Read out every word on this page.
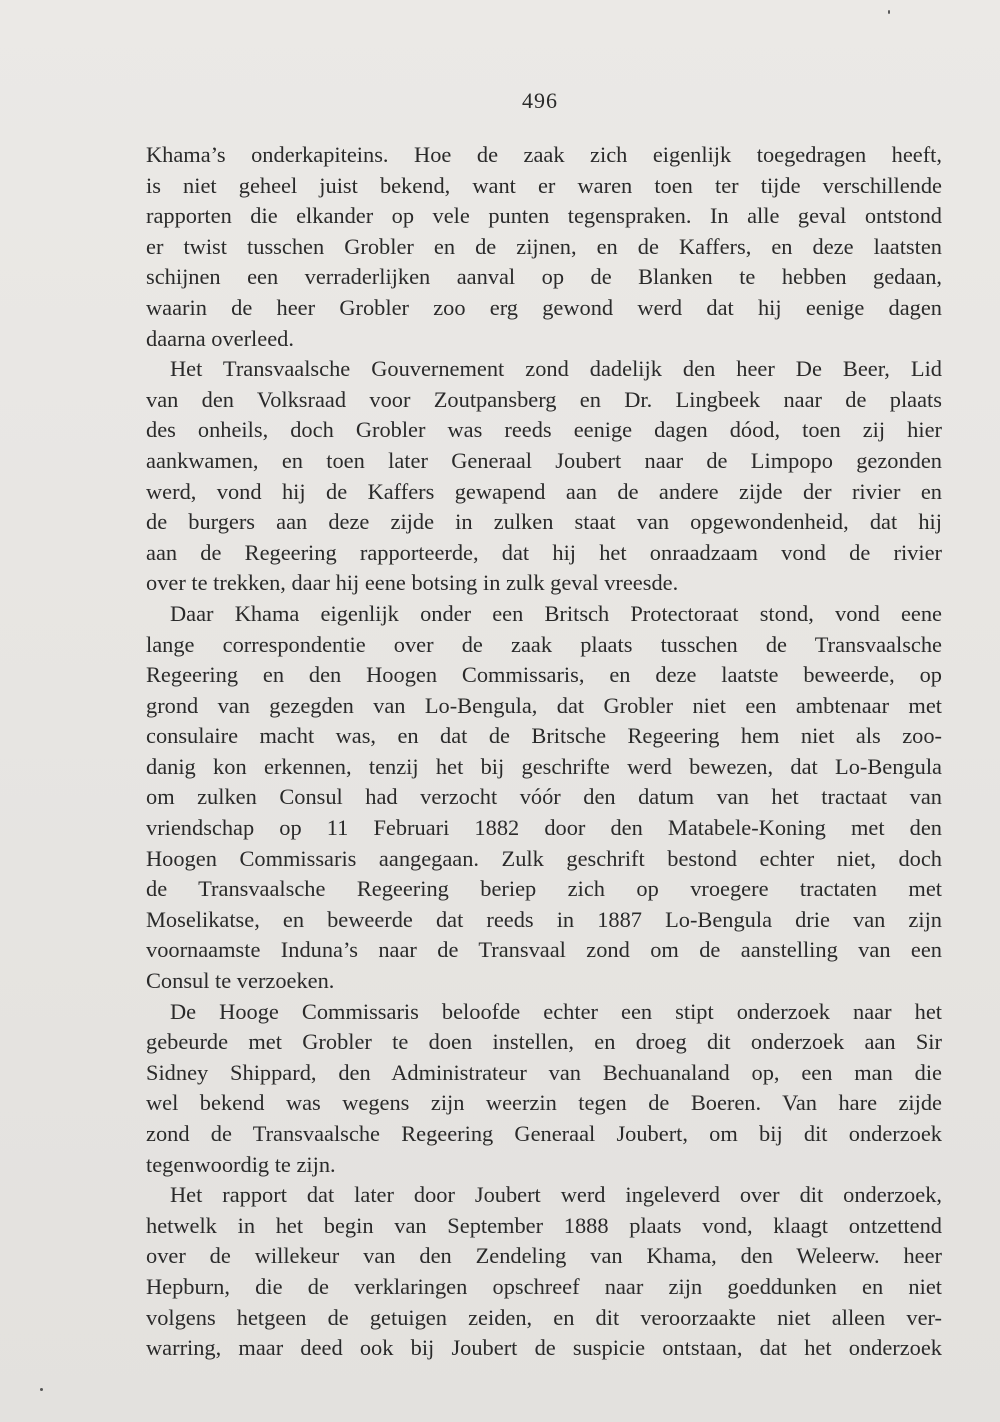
496
Khama’s onderkapiteins. Hoe de zaak zich eigenlijk toegedragen heeft,
is niet geheel juist bekend, want er waren toen ter tijde verschillende
rapporten die elkander op vele punten tegenspraken. In alle geval ontstond
er twist tusschen Grobler en de zijnen, en de Kaffers, en deze laatsten
schijnen een verraderlijken aanval op de Blanken te hebben gedaan,
waarin de heer Grobler zoo erg gewond werd dat hij eenige dagen
daarna overleed.
Het Transvaalsche Gouvernement zond dadelijk den heer De Beer, Lid
van den Volksraad voor Zoutpansberg en Dr. Lingbeek naar de plaats
des onheils, doch Grobler was reeds eenige dagen dóod, toen zij hier
aankwamen, en toen later Generaal Joubert naar de Limpopo gezonden
werd, vond hij de Kaffers gewapend aan de andere zijde der rivier en
de burgers aan deze zijde in zulken staat van opgewondenheid, dat hij
aan de Regeering rapporteerde, dat hij het onraadzaam vond de rivier
over te trekken, daar hij eene botsing in zulk geval vreesde.
Daar Khama eigenlijk onder een Britsch Protectoraat stond, vond eene
lange correspondentie over de zaak plaats tusschen de Transvaalsche
Regeering en den Hoogen Commissaris, en deze laatste beweerde, op
grond van gezegden van Lo-Bengula, dat Grobler niet een ambtenaar met
consulaire macht was, en dat de Britsche Regeering hem niet als zoo-
danig kon erkennen, tenzij het bij geschrifte werd bewezen, dat Lo-Bengula
om zulken Consul had verzocht vóór den datum van het tractaat van
vriendschap op 11 Februari 1882 door den Matabele-Koning met den
Hoogen Commissaris aangegaan. Zulk geschrift bestond echter niet, doch
de Transvaalsche Regeering beriep zich op vroegere tractaten met
Moselikatse, en beweerde dat reeds in 1887 Lo-Bengula drie van zijn
voornaamste Induna’s naar de Transvaal zond om de aanstelling van een
Consul te verzoeken.
De Hooge Commissaris beloofde echter een stipt onderzoek naar het
gebeurde met Grobler te doen instellen, en droeg dit onderzoek aan Sir
Sidney Shippard, den Administrateur van Bechuanaland op, een man die
wel bekend was wegens zijn weerzin tegen de Boeren. Van hare zijde
zond de Transvaalsche Regeering Generaal Joubert, om bij dit onderzoek
tegenwoordig te zijn.
Het rapport dat later door Joubert werd ingeleverd over dit onderzoek,
hetwelk in het begin van September 1888 plaats vond, klaagt ontzettend
over de willekeur van den Zendeling van Khama, den Weleerw. heer
Hepburn, die de verklaringen opschreef naar zijn goeddunken en niet
volgens hetgeen de getuigen zeiden, en dit veroorzaakte niet alleen ver-
warring, maar deed ook bij Joubert de suspicie ontstaan, dat het onderzoek
